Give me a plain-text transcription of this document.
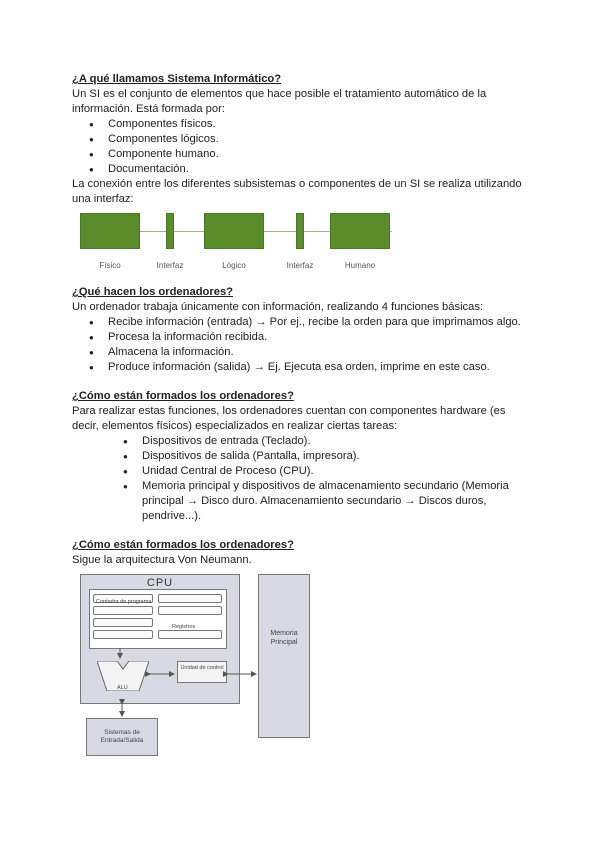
¿A qué llamamos Sistema Informático?

Un SI es el conjunto de elementos que hace posible el tratamiento automático de la información. Está formada por:

● Componentes físicos.
● Componentes lógicos.
● Componente humano.
● Documentación.

La conexión entre los diferentes subsistemas o componentes de un SI se realiza utilizando una interfaz:

Físico	Interfaz	Lógico	Interfaz	Humano

¿Qué hacen los ordenadores?

Un ordenador trabaja únicamente con información, realizando 4 funciones básicas:

● Recibe información (entrada) → Por ej., recibe la orden para que imprimamos algo.
● Procesa la información recibida.
● Almacena la información.
● Produce información (salida) → Ej. Ejecuta esa orden, imprime en este caso.

¿Cómo están formados los ordenadores?

Para realizar estas funciones, los ordenadores cuentan con componentes hardware (es decir, elementos físicos) especializados en realizar ciertas tareas:

● Dispositivos de entrada (Teclado).
● Dispositivos de salida (Pantalla, impresora).
● Unidad Central de Proceso (CPU).
● Memoria principal y dispositivos de almacenamiento secundario (Memoria principal → Disco duro. Almacenamiento secundario → Discos duros, pendrive...).

¿Cómo están formados los ordenadores?

Sigue la arquitectura Von Neumann.

CPU
Contador de programa
Registros
ALU
Unidad de control
Memoria Principal
Sistemas de Entrada/Salida
